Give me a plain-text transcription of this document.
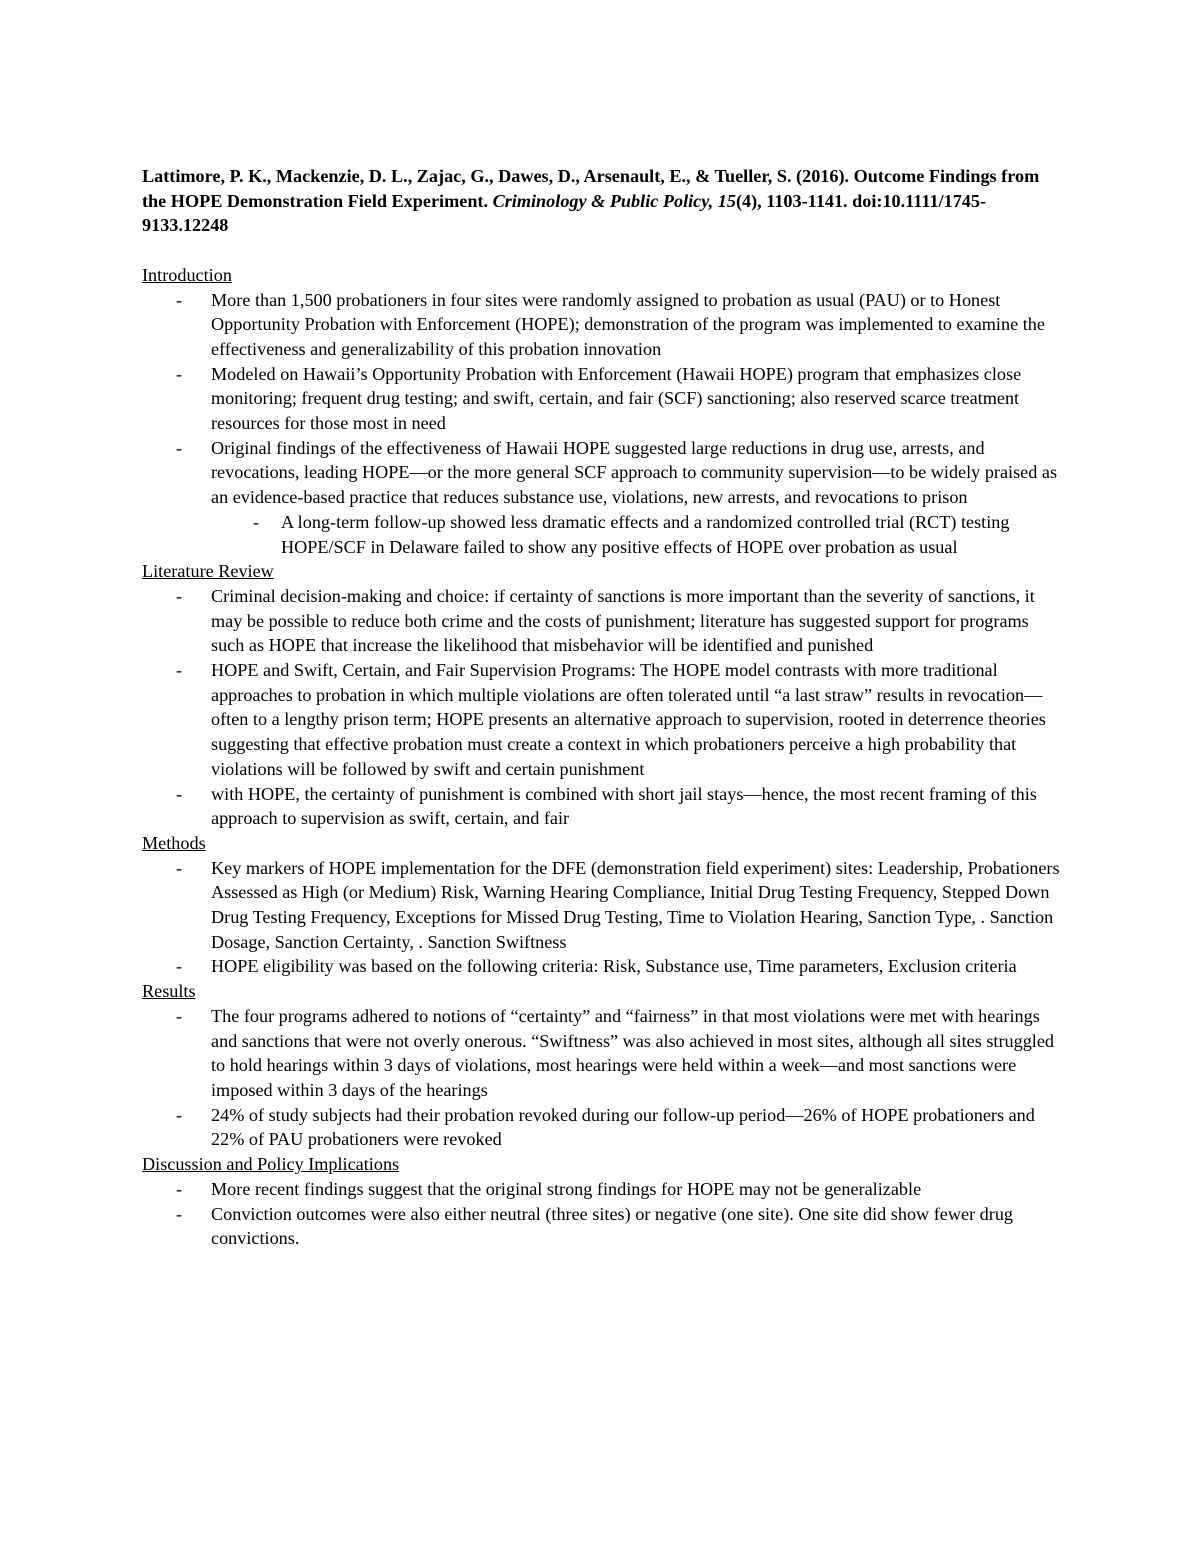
Lattimore, P. K., Mackenzie, D. L., Zajac, G., Dawes, D., Arsenault, E., & Tueller, S. (2016). Outcome Findings from the HOPE Demonstration Field Experiment. Criminology & Public Policy, 15(4), 1103-1141. doi:10.1111/1745-9133.12248

Introduction

- More than 1,500 probationers in four sites were randomly assigned to probation as usual (PAU) or to Honest Opportunity Probation with Enforcement (HOPE); demonstration of the program was implemented to examine the effectiveness and generalizability of this probation innovation
- Modeled on Hawaii’s Opportunity Probation with Enforcement (Hawaii HOPE) program that emphasizes close monitoring; frequent drug testing; and swift, certain, and fair (SCF) sanctioning; also reserved scarce treatment resources for those most in need
- Original findings of the effectiveness of Hawaii HOPE suggested large reductions in drug use, arrests, and revocations, leading HOPE—or the more general SCF approach to community supervision—to be widely praised as an evidence-based practice that reduces substance use, violations, new arrests, and revocations to prison
- A long-term follow-up showed less dramatic effects and a randomized controlled trial (RCT) testing HOPE/SCF in Delaware failed to show any positive effects of HOPE over probation as usual

Literature Review

- Criminal decision-making and choice: if certainty of sanctions is more important than the severity of sanctions, it may be possible to reduce both crime and the costs of punishment; literature has suggested support for programs such as HOPE that increase the likelihood that misbehavior will be identified and punished
- HOPE and Swift, Certain, and Fair Supervision Programs: The HOPE model contrasts with more traditional approaches to probation in which multiple violations are often tolerated until “a last straw” results in revocation—often to a lengthy prison term; HOPE presents an alternative approach to supervision, rooted in deterrence theories suggesting that effective probation must create a context in which probationers perceive a high probability that violations will be followed by swift and certain punishment
- with HOPE, the certainty of punishment is combined with short jail stays—hence, the most recent framing of this approach to supervision as swift, certain, and fair

Methods

- Key markers of HOPE implementation for the DFE (demonstration field experiment) sites: Leadership, Probationers Assessed as High (or Medium) Risk, Warning Hearing Compliance, Initial Drug Testing Frequency, Stepped Down Drug Testing Frequency, Exceptions for Missed Drug Testing, Time to Violation Hearing, Sanction Type, . Sanction Dosage, Sanction Certainty, . Sanction Swiftness
- HOPE eligibility was based on the following criteria: Risk, Substance use, Time parameters, Exclusion criteria

Results

- The four programs adhered to notions of “certainty” and “fairness” in that most violations were met with hearings and sanctions that were not overly onerous. “Swiftness” was also achieved in most sites, although all sites struggled to hold hearings within 3 days of violations, most hearings were held within a week—and most sanctions were imposed within 3 days of the hearings
- 24% of study subjects had their probation revoked during our follow-up period—26% of HOPE probationers and 22% of PAU probationers were revoked

Discussion and Policy Implications

- More recent findings suggest that the original strong findings for HOPE may not be generalizable
- Conviction outcomes were also either neutral (three sites) or negative (one site). One site did show fewer drug convictions.
